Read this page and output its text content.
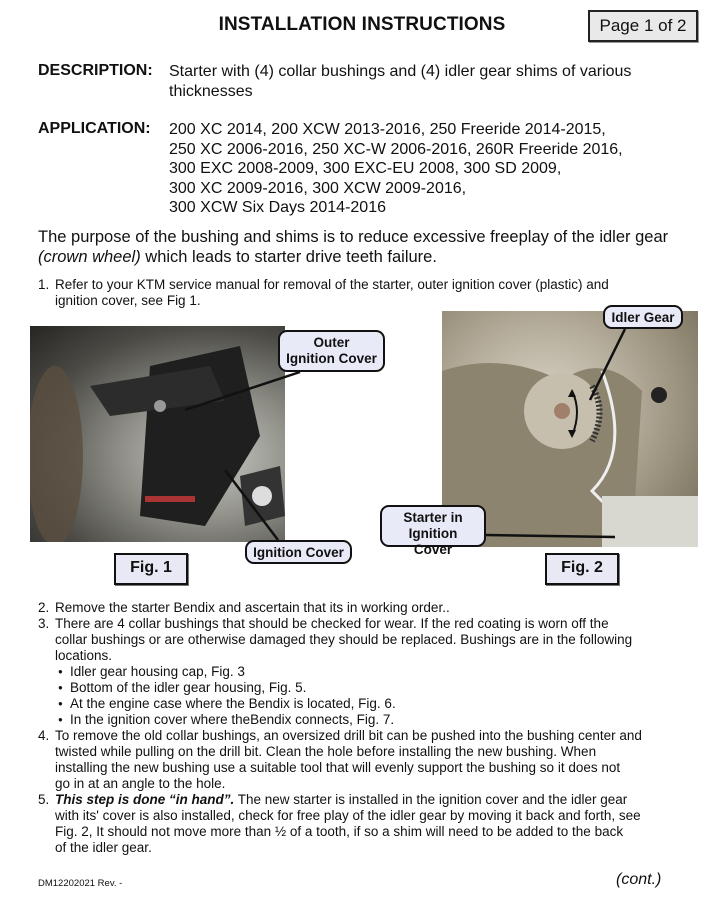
INSTALLATION INSTRUCTIONS	Page 1 of 2
DESCRIPTION: Starter with (4) collar bushings and (4) idler gear shims of various
thicknesses
APPLICATION: 200 XC 2014, 200 XCW 2013-2016, 250 Freeride 2014-2015,
250 XC 2006-2016, 250 XC-W 2006-2016, 260R Freeride 2016,
300 EXC 2008-2009, 300 EXC-EU 2008, 300 SD 2009,
300 XC 2009-2016, 300 XCW 2009-2016,
300 XCW Six Days 2014-2016
The purpose of the bushing and shims is to reduce excessive freeplay of the idler gear
(crown wheel) which leads to starter drive teeth failure.
1. Refer to your KTM service manual for removal of the starter, outer ignition cover (plastic) and
ignition cover, see Fig 1.
Outer
Ignition Cover
Ignition Cover
Fig. 1
Idler Gear
Starter in
Ignition Cover
Fig. 2
2. Remove the starter Bendix and ascertain that its in working order..
3. There are 4 collar bushings that should be checked for wear. If the red coating is worn off the
collar bushings or are otherwise damaged they should be replaced. Bushings are in the following
locations.
● Idler gear housing cap, Fig. 3
● Bottom of the idler gear housing, Fig. 5.
● At the engine case where the Bendix is located, Fig. 6.
● In the ignition cover where theBendix connects, Fig. 7.
4. To remove the old collar bushings, an oversized drill bit can be pushed into the bushing center and
twisted while pulling on the drill bit. Clean the hole before installing the new bushing. When
installing the new bushing use a suitable tool that will evenly support the bushing so it does not
go in at an angle to the hole.
5. This step is done “in hand”. The new starter is installed in the ignition cover and the idler gear
with its' cover is also installed, check for free play of the idler gear by moving it back and forth, see
Fig. 2, It should not move more than ½ of a tooth, if so a shim will need to be added to the back
of the idler gear.
DM12202021 Rev. -	(cont.)
